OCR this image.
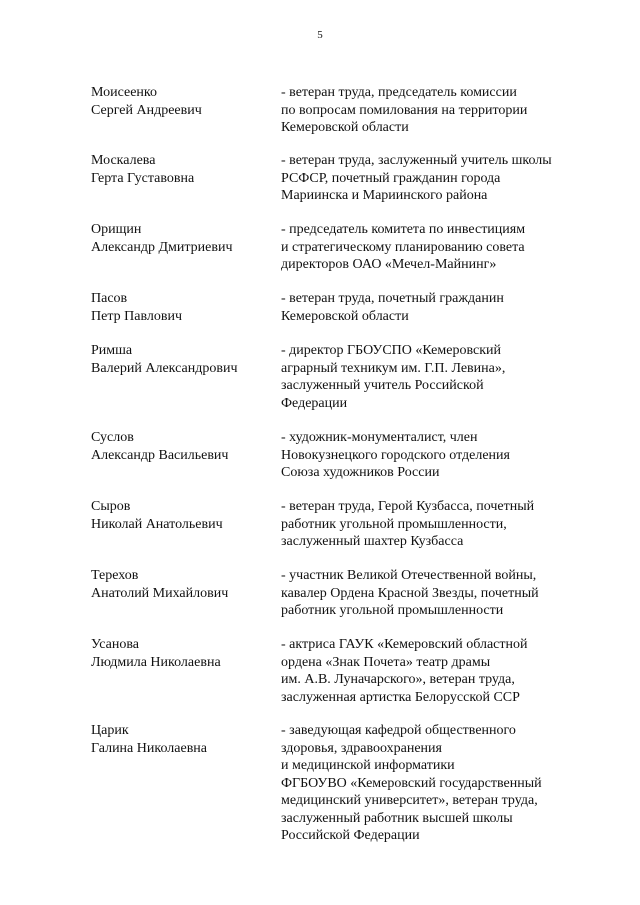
5
Моисеенко
Сергей Андреевич
- ветеран труда, председатель комиссии
по вопросам помилования на территории
Кемеровской области
Москалева
Герта Густавовна
- ветеран труда, заслуженный учитель школы
РСФСР, почетный гражданин города
Мариинска и Мариинского района
Орищин
Александр Дмитриевич
- председатель комитета по инвестициям
и стратегическому планированию совета
директоров ОАО «Мечел-Майнинг»
Пасов
Петр Павлович
- ветеран труда, почетный гражданин
Кемеровской области
Римша
Валерий Александрович
- директор ГБОУСПО «Кемеровский
аграрный техникум им. Г.П. Левина»,
заслуженный учитель Российской
Федерации
Суслов
Александр Васильевич
- художник-монументалист, член
Новокузнецкого городского отделения
Союза художников России
Сыров
Николай Анатольевич
- ветеран труда, Герой Кузбасса, почетный
работник угольной промышленности,
заслуженный шахтер Кузбасса
Терехов
Анатолий Михайлович
- участник Великой Отечественной войны,
кавалер Ордена Красной Звезды, почетный
работник угольной промышленности
Усанова
Людмила Николаевна
- актриса ГАУК «Кемеровский областной
ордена «Знак Почета» театр драмы
им. А.В. Луначарского», ветеран труда,
заслуженная артистка Белорусской ССР
Царик
Галина Николаевна
- заведующая кафедрой общественного
здоровья, здравоохранения
и медицинской информатики
ФГБОУВО «Кемеровский государственный
медицинский университет», ветеран труда,
заслуженный работник высшей школы
Российской Федерации
